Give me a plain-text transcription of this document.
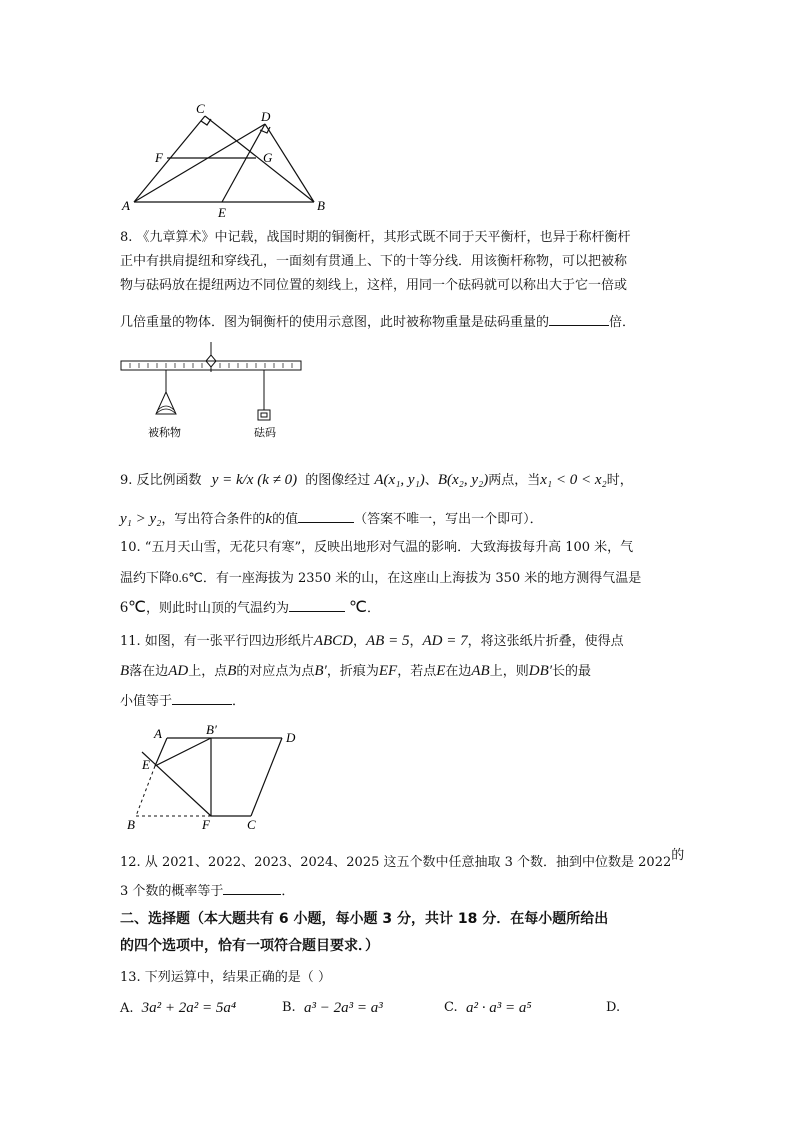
C
D
F	G
A	E	B
8. 《九章算术》中记载，战国时期的铜衡杆，其形式既不同于天平衡杆，也异于称杆衡杆
正中有拱肩提纽和穿线孔，一面刻有贯通上、下的十等分线．用该衡杆称物，可以把被称
物与砝码放在提纽两边不同位置的刻线上，这样，用同一个砝码就可以称出大于它一倍或
几倍重量的物体．图为铜衡杆的使用示意图，此时被称物重量是砝码重量的	倍．
被称物	砝码
9. 反比例函数 y = k/x (k ≠ 0) 的图像经过 A(x₁, y₁)、B(x₂, y₂)两点，当x₁ < 0 < x₂时，
y₁ > y₂，写出符合条件的k的值	（答案不唯一，写出一个即可）．
10. “五月天山雪，无花只有寒”，反映出地形对气温的影响．大致海拔每升高 100 米，气
温约下降0.6℃．有一座海拔为 2350 米的山，在这座山上海拔为 350 米的地方测得气温是
6℃，则此时山顶的气温约为	℃．
11. 如图，有一张平行四边形纸片ABCD，AB = 5，AD = 7，将这张纸片折叠，使得点
B落在边AD上，点B的对应点为点B′，折痕为EF，若点E在边AB上，则DB′长的最
小值等于	．
A	B′
D
E
B	F	C
12. 从 2021、2022、2023、2024、2025 这五个数中任意抽取 3 个数．抽到中位数是 2022的
3 个数的概率等于	．
二、选择题（本大题共有 6 小题，每小题 3 分，共计 18 分．在每小题所给出
的四个选项中，恰有一项符合题目要求．）
13. 下列运算中，结果正确的是（ ）
A. 3a² + 2a² = 5a⁴	B. a³ − 2a³ = a³	C. a² · a³ = a⁵	D.
